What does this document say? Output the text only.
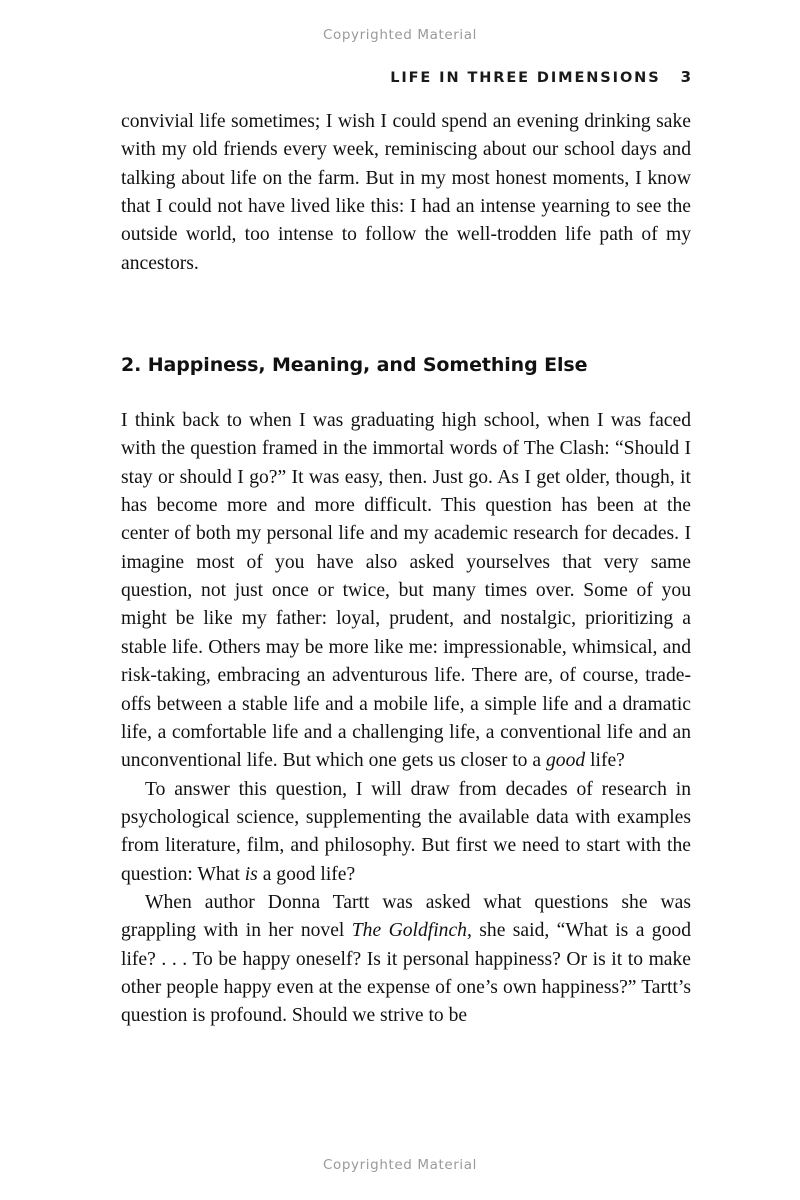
Copyrighted Material
LIFE IN THREE DIMENSIONS 3

convivial life sometimes; I wish I could spend an evening drinking sake with my old friends every week, reminiscing about our school days and talking about life on the farm. But in my most honest moments, I know that I could not have lived like this: I had an intense yearning to see the outside world, too intense to follow the well-trodden life path of my ancestors.

2. Happiness, Meaning, and Something Else

I think back to when I was graduating high school, when I was faced with the question framed in the immortal words of The Clash: “Should I stay or should I go?” It was easy, then. Just go. As I get older, though, it has become more and more difficult. This question has been at the center of both my personal life and my academic research for decades. I imagine most of you have also asked yourselves that very same question, not just once or twice, but many times over. Some of you might be like my father: loyal, prudent, and nostalgic, prioritizing a stable life. Others may be more like me: impressionable, whimsical, and risk-taking, embracing an adventurous life. There are, of course, trade-offs between a stable life and a mobile life, a simple life and a dramatic life, a comfortable life and a challenging life, a conventional life and an unconventional life. But which one gets us closer to a good life?

To answer this question, I will draw from decades of research in psychological science, supplementing the available data with examples from literature, film, and philosophy. But first we need to start with the question: What is a good life?

When author Donna Tartt was asked what questions she was grappling with in her novel The Goldfinch, she said, “What is a good life? . . . To be happy oneself? Is it personal happiness? Or is it to make other people happy even at the expense of one’s own happiness?” Tartt’s question is profound. Should we strive to be

Copyrighted Material
